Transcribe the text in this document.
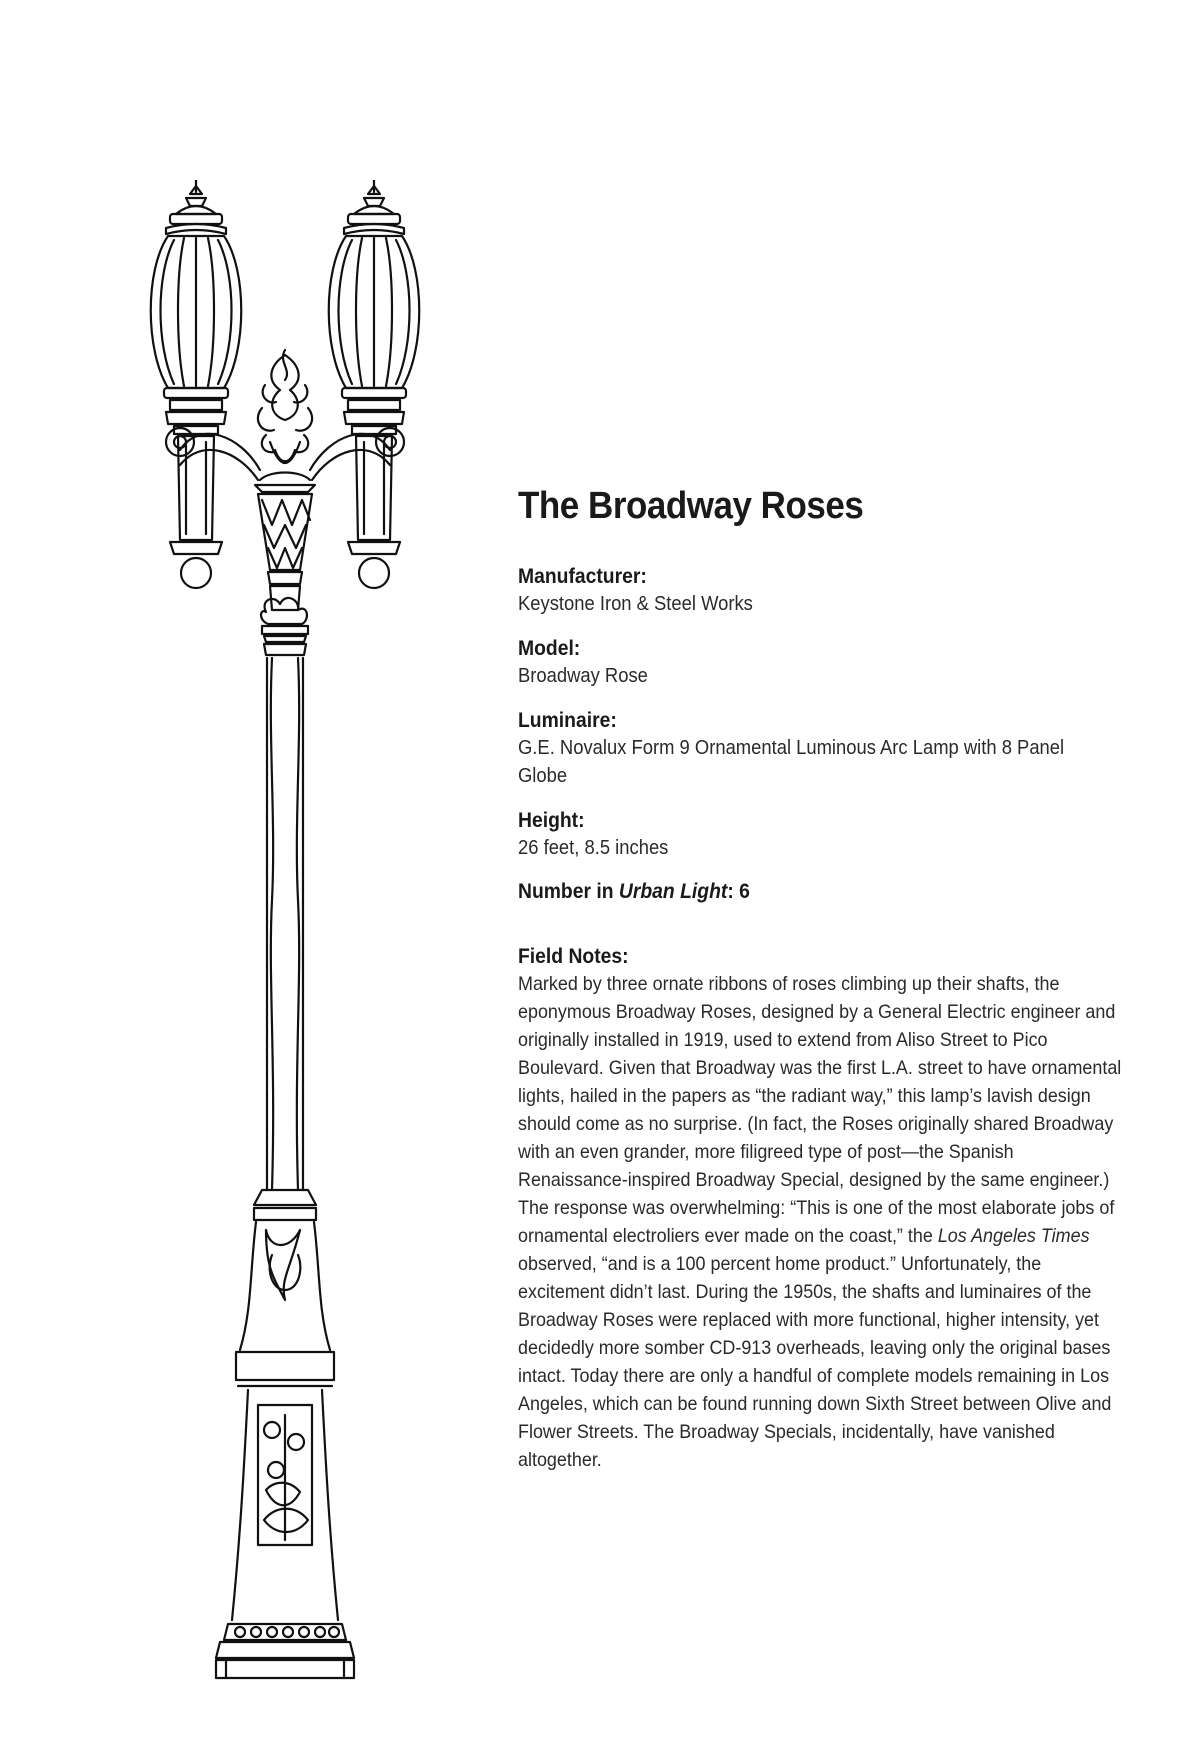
The Broadway Roses
Manufacturer:
Keystone Iron & Steel Works
Model:
Broadway Rose
Luminaire:
G.E. Novalux Form 9 Ornamental Luminous Arc Lamp with 8 Panel Globe
Height:
26 feet, 8.5 inches
Number in Urban Light: 6
Field Notes:
Marked by three ornate ribbons of roses climbing up their shafts, the eponymous Broadway Roses, designed by a General Electric engineer and originally installed in 1919, used to extend from Aliso Street to Pico Boulevard. Given that Broadway was the first L.A. street to have ornamental lights, hailed in the papers as “the radiant way,” this lamp’s lavish design should come as no surprise. (In fact, the Roses originally shared Broadway with an even grander, more filigreed type of post—the Spanish Renaissance-inspired Broadway Special, designed by the same engineer.) The response was overwhelming: “This is one of the most elaborate jobs of ornamental electroliers ever made on the coast,” the Los Angeles Times observed, “and is a 100 percent home product.” Unfortunately, the excitement didn’t last. During the 1950s, the shafts and luminaires of the Broadway Roses were replaced with more functional, higher intensity, yet decidedly more somber CD-913 overheads, leaving only the original bases intact. Today there are only a handful of complete models remaining in Los Angeles, which can be found running down Sixth Street between Olive and Flower Streets. The Broadway Specials, incidentally, have vanished altogether.
